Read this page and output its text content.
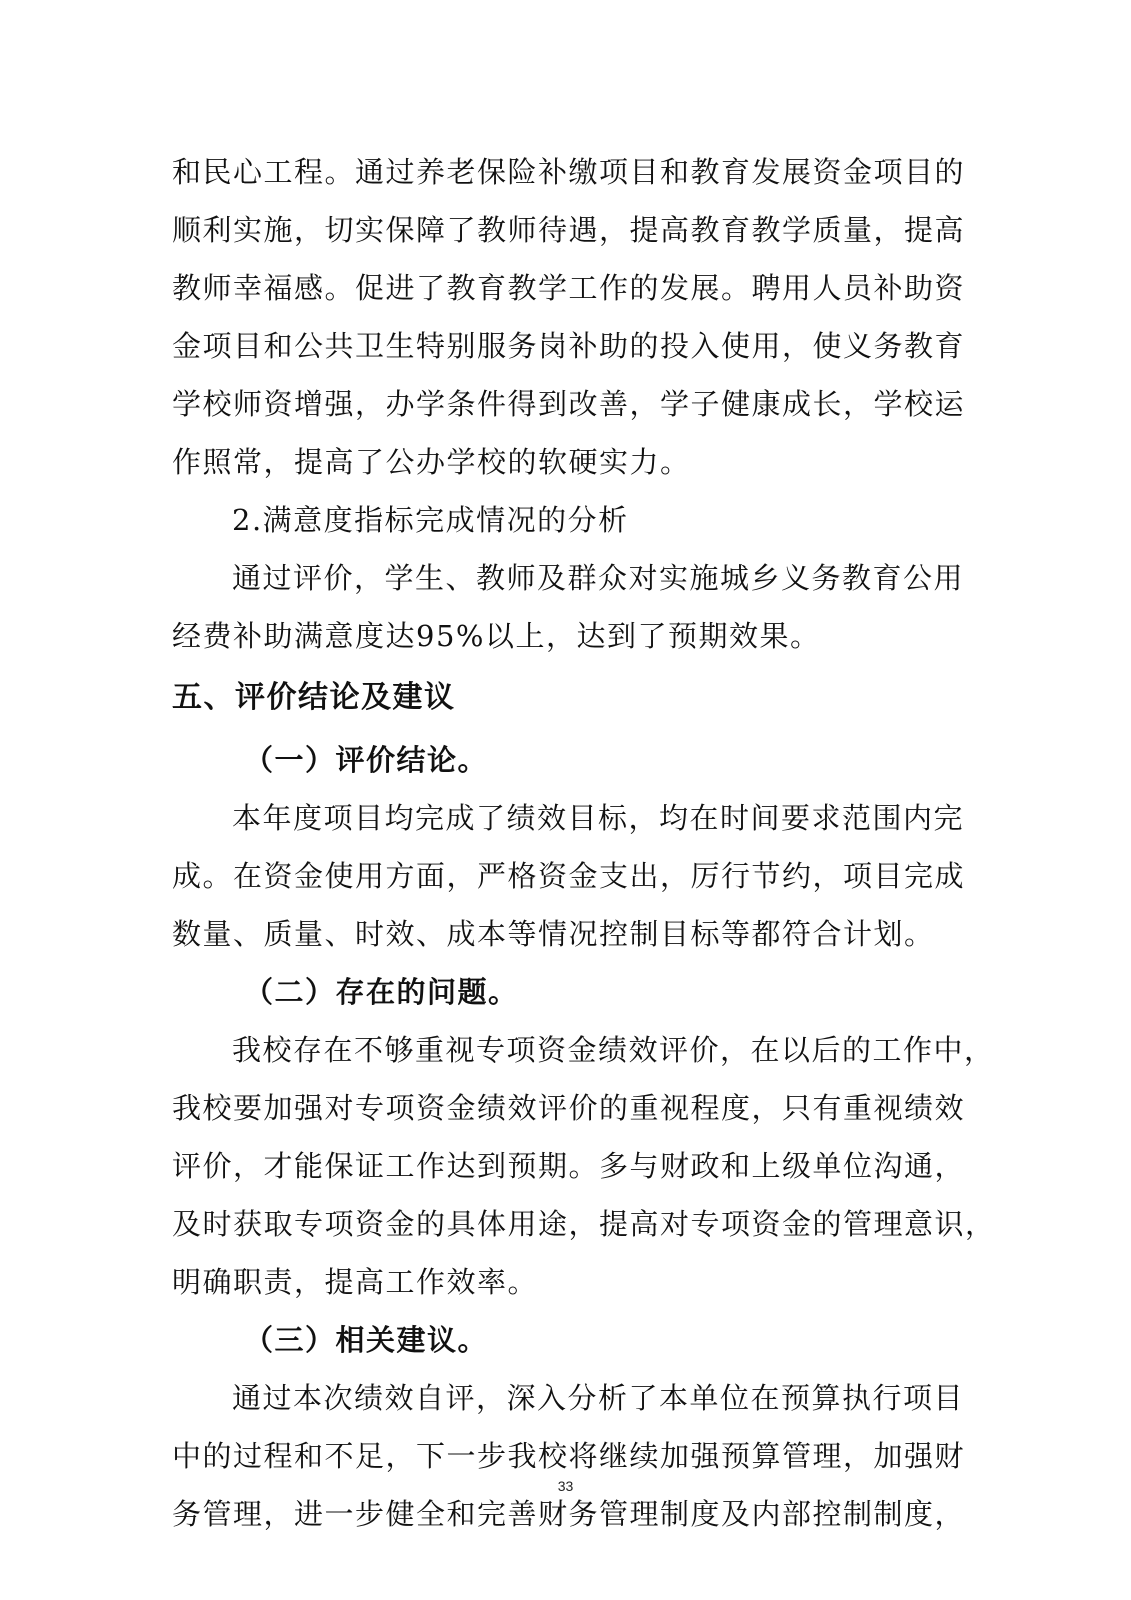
和民心工程。通过养老保险补缴项目和教育发展资金项目的
顺利实施，切实保障了教师待遇，提高教育教学质量，提高
教师幸福感。促进了教育教学工作的发展。聘用人员补助资
金项目和公共卫生特别服务岗补助的投入使用，使义务教育
学校师资增强，办学条件得到改善，学子健康成长，学校运
作照常，提高了公办学校的软硬实力。
2.满意度指标完成情况的分析
通过评价，学生、教师及群众对实施城乡义务教育公用
经费补助满意度达95%以上，达到了预期效果。
五、评价结论及建议
（一）评价结论。
本年度项目均完成了绩效目标，均在时间要求范围内完
成。在资金使用方面，严格资金支出，厉行节约，项目完成
数量、质量、时效、成本等情况控制目标等都符合计划。
（二）存在的问题。
我校存在不够重视专项资金绩效评价，在以后的工作中，
我校要加强对专项资金绩效评价的重视程度，只有重视绩效
评价，才能保证工作达到预期。多与财政和上级单位沟通，
及时获取专项资金的具体用途，提高对专项资金的管理意识，
明确职责，提高工作效率。
（三）相关建议。
通过本次绩效自评，深入分析了本单位在预算执行项目
中的过程和不足，下一步我校将继续加强预算管理，加强财
务管理，进一步健全和完善财务管理制度及内部控制制度，
33
